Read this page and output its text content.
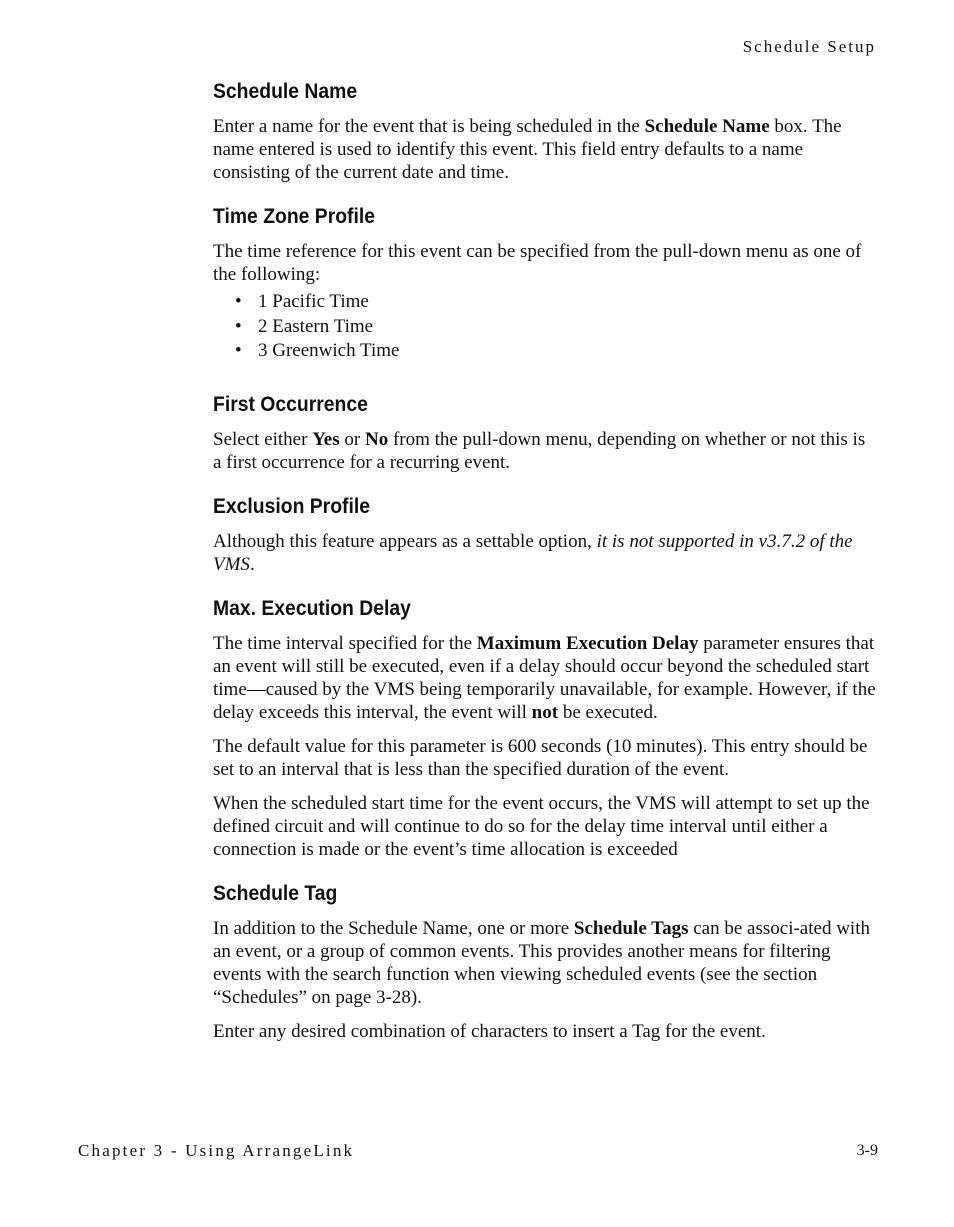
Schedule Setup
Schedule Name

Enter a name for the event that is being scheduled in the Schedule Name box. The name entered is used to identify this event. This field entry defaults to a name consisting of the current date and time.

Time Zone Profile

The time reference for this event can be specified from the pull-down menu as one of the following:

• 1 Pacific Time
• 2 Eastern Time
• 3 Greenwich Time
First Occurrence

Select either Yes or No from the pull-down menu, depending on whether or not this is a first occurrence for a recurring event.

Exclusion Profile

Although this feature appears as a settable option, it is not supported in v3.7.2 of the VMS.

Max. Execution Delay

The time interval specified for the Maximum Execution Delay parameter ensures that an event will still be executed, even if a delay should occur beyond the scheduled start time—caused by the VMS being temporarily unavailable, for example. However, if the delay exceeds this interval, the event will not be executed.

The default value for this parameter is 600 seconds (10 minutes). This entry should be set to an interval that is less than the specified duration of the event.

When the scheduled start time for the event occurs, the VMS will attempt to set up the defined circuit and will continue to do so for the delay time interval until either a connection is made or the event’s time allocation is exceeded

Schedule Tag

In addition to the Schedule Name, one or more Schedule Tags can be associ-ated with an event, or a group of common events. This provides another means for filtering events with the search function when viewing scheduled events (see the section “Schedules” on page 3-28).

Enter any desired combination of characters to insert a Tag for the event.

Chapter 3 - Using ArrangeLink	3-9
